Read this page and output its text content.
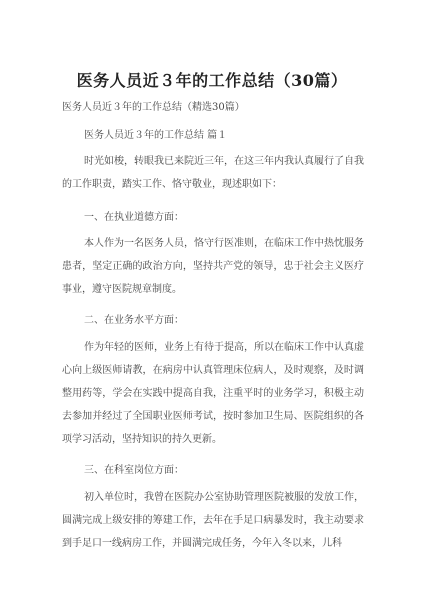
医务人员近３年的工作总结（30篇）
医务人员近３年的工作总结（精选30篇）
医务人员近３年的工作总结 篇１

时光如梭，转眼我已来院近三年，在这三年内我认真履行了自我的工作职责，踏实工作、恪守敬业，现述职如下：

一、在执业道德方面：

本人作为一名医务人员，恪守行医准则，在临床工作中热忱服务患者，坚定正确的政治方向，坚持共产党的领导，忠于社会主义医疗事业，遵守医院规章制度。

二、在业务水平方面：

作为年轻的医师，业务上有待于提高，所以在临床工作中认真虚心向上级医师请教，在病房中认真管理床位病人，及时观察，及时调整用药等，学会在实践中提高自我，注重平时的业务学习，积极主动去参加并经过了全国职业医师考试，按时参加卫生局、医院组织的各项学习活动，坚持知识的持久更新。

三、在科室岗位方面：

初入单位时，我曾在医院办公室协助管理医院被服的发放工作，圆满完成上级安排的筹建工作，去年在手足口病暴发时，我主动要求到手足口一线病房工作，并圆满完成任务，今年入冬以来，儿科
